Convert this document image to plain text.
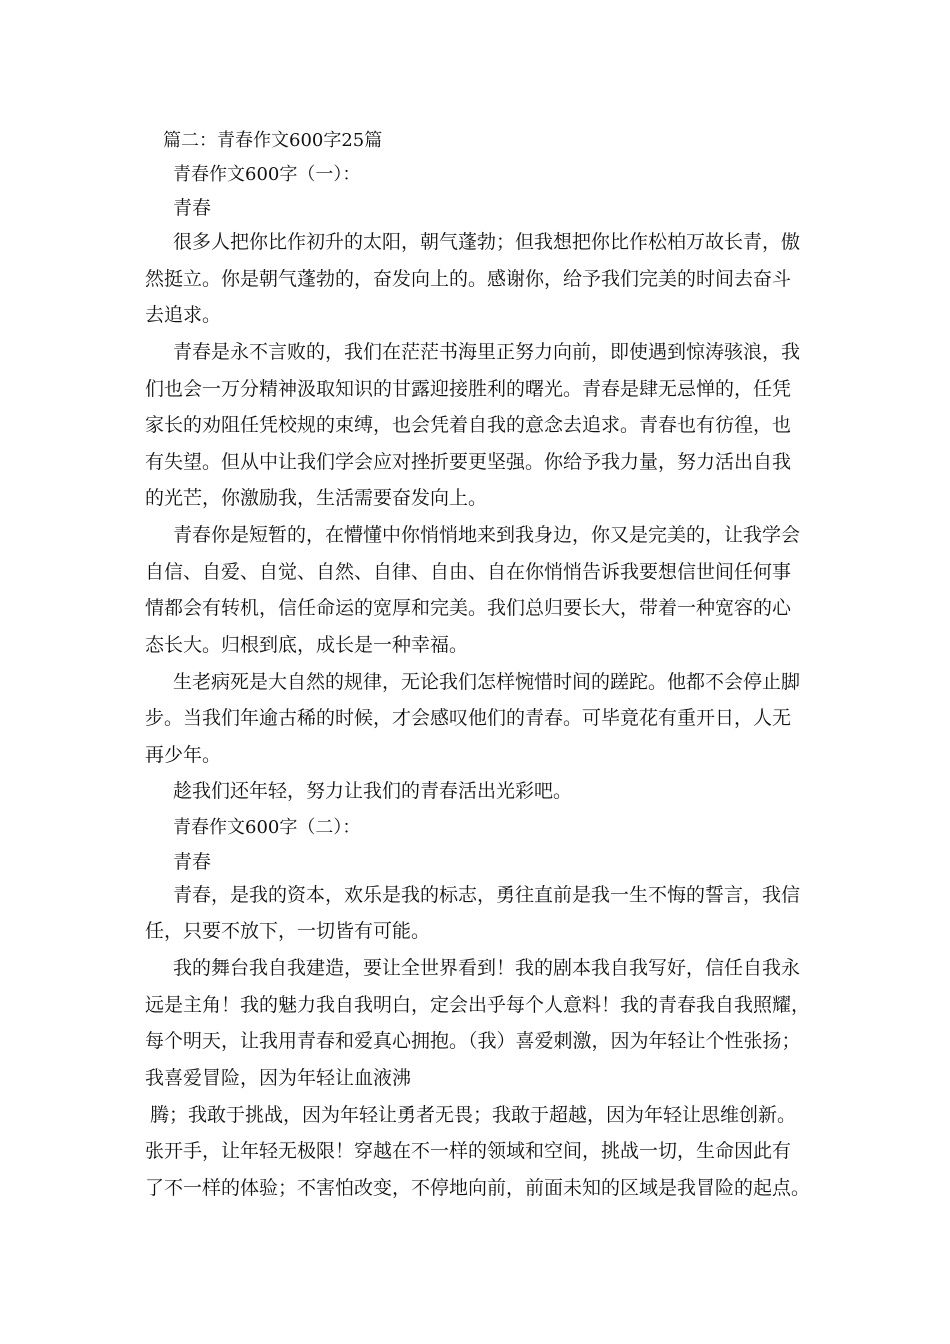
篇二：青春作文600字25篇

青春作文600字（一）：

青春

很多人把你比作初升的太阳，朝气蓬勃；但我想把你比作松柏万故长青，傲

然挺立。你是朝气蓬勃的，奋发向上的。感谢你，给予我们完美的时间去奋斗

去追求。

青春是永不言败的，我们在茫茫书海里正努力向前，即使遇到惊涛骇浪，我

们也会一万分精神汲取知识的甘露迎接胜利的曙光。青春是肆无忌惮的，任凭

家长的劝阻任凭校规的束缚，也会凭着自我的意念去追求。青春也有彷徨，也

有失望。但从中让我们学会应对挫折要更坚强。你给予我力量，努力活出自我

的光芒，你激励我，生活需要奋发向上。

青春你是短暂的，在懵懂中你悄悄地来到我身边，你又是完美的，让我学会

自信、自爱、自觉、自然、自律、自由、自在你悄悄告诉我要想信世间任何事

情都会有转机，信任命运的宽厚和完美。我们总归要长大，带着一种宽容的心

态长大。归根到底，成长是一种幸福。

生老病死是大自然的规律，无论我们怎样惋惜时间的蹉跎。他都不会停止脚

步。当我们年逾古稀的时候，才会感叹他们的青春。可毕竟花有重开日，人无

再少年。

趁我们还年轻，努力让我们的青春活出光彩吧。

青春作文600字（二）：

青春

青春，是我的资本，欢乐是我的标志，勇往直前是我一生不悔的誓言，我信

任，只要不放下，一切皆有可能。

我的舞台我自我建造，要让全世界看到！我的剧本我自我写好，信任自我永

远是主角！我的魅力我自我明白，定会出乎每个人意料！我的青春我自我照耀，

每个明天，让我用青春和爱真心拥抱。（我）喜爱刺激，因为年轻让个性张扬；

我喜爱冒险，因为年轻让血液沸

腾；我敢于挑战，因为年轻让勇者无畏；我敢于超越，因为年轻让思维创新。

张开手，让年轻无极限！穿越在不一样的领域和空间，挑战一切，生命因此有

了不一样的体验；不害怕改变，不停地向前，前面未知的区域是我冒险的起点。
